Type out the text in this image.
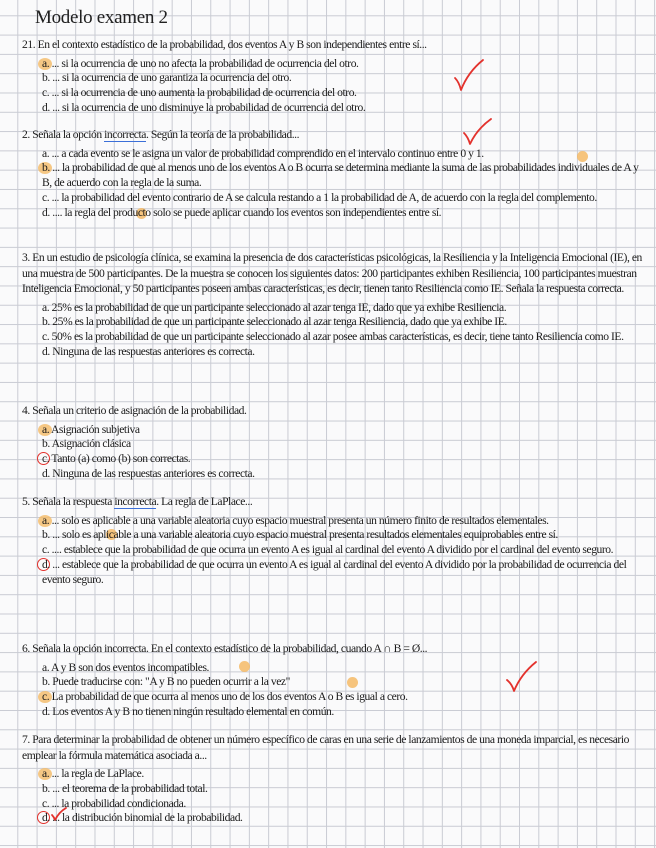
Modelo examen 2

21. En el contexto estadístico de la probabilidad, dos eventos A y B son independientes entre sí...

a. ... si la ocurrencia de uno no afecta la probabilidad de ocurrencia del otro.

b. ... si la ocurrencia de uno garantiza la ocurrencia del otro.

c. ... si la ocurrencia de uno aumenta la probabilidad de ocurrencia del otro.

d. ... si la ocurrencia de uno disminuye la probabilidad de ocurrencia del otro.

2. Señala la opción incorrecta. Según la teoría de la probabilidad...

a. ... a cada evento se le asigna un valor de probabilidad comprendido en el intervalo continuo entre 0 y 1.

b. ... la probabilidad de que al menos uno de los eventos A o B ocurra se determina mediante la suma de las probabilidades individuales de A y B, de acuerdo con la regla de la suma.

c. ... la probabilidad del evento contrario de A se calcula restando a 1 la probabilidad de A, de acuerdo con la regla del complemento.

d. .... la regla del producto solo se puede aplicar cuando los eventos son independientes entre sí.

3. En un estudio de psicología clínica, se examina la presencia de dos características psicológicas, la Resiliencia y la Inteligencia Emocional (IE), en una muestra de 500 participantes. De la muestra se conocen los siguientes datos: 200 participantes exhiben Resiliencia, 100 participantes muestran Inteligencia Emocional, y 50 participantes poseen ambas características, es decir, tienen tanto Resiliencia como IE. Señala la respuesta correcta.

a. 25% es la probabilidad de que un participante seleccionado al azar tenga IE, dado que ya exhibe Resiliencia.

b. 25% es la probabilidad de que un participante seleccionado al azar tenga Resiliencia, dado que ya exhibe IE.

c. 50% es la probabilidad de que un participante seleccionado al azar posee ambas características, es decir, tiene tanto Resiliencia como IE.

d. Ninguna de las respuestas anteriores es correcta.

4. Señala un criterio de asignación de la probabilidad.

a. Asignación subjetiva

b. Asignación clásica

c. Tanto (a) como (b) son correctas.

d. Ninguna de las respuestas anteriores es correcta.

5. Señala la respuesta incorrecta. La regla de LaPlace...

a. ... solo es aplicable a una variable aleatoria cuyo espacio muestral presenta un número finito de resultados elementales.

b. ... solo es aplicable a una variable aleatoria cuyo espacio muestral presenta resultados elementales equiprobables entre sí.

c. .... establece que la probabilidad de que ocurra un evento A es igual al cardinal del evento A dividido por el cardinal del evento seguro.

d. ... establece que la probabilidad de que ocurra un evento A es igual al cardinal del evento A dividido por la probabilidad de ocurrencia del evento seguro.

6. Señala la opción incorrecta. En el contexto estadístico de la probabilidad, cuando A ∩ B = Ø...

a. A y B son dos eventos incompatibles.

b. Puede traducirse con: "A y B no pueden ocurrir a la vez"

c. La probabilidad de que ocurra al menos uno de los dos eventos A o B es igual a cero.

d. Los eventos A y B no tienen ningún resultado elemental en común.

7. Para determinar la probabilidad de obtener un número específico de caras en una serie de lanzamientos de una moneda imparcial, es necesario emplear la fórmula matemática asociada a...

a. ... la regla de LaPlace.

b. ... el teorema de la probabilidad total.

c. ... la probabilidad condicionada.

d. ... la distribución binomial de la probabilidad.
